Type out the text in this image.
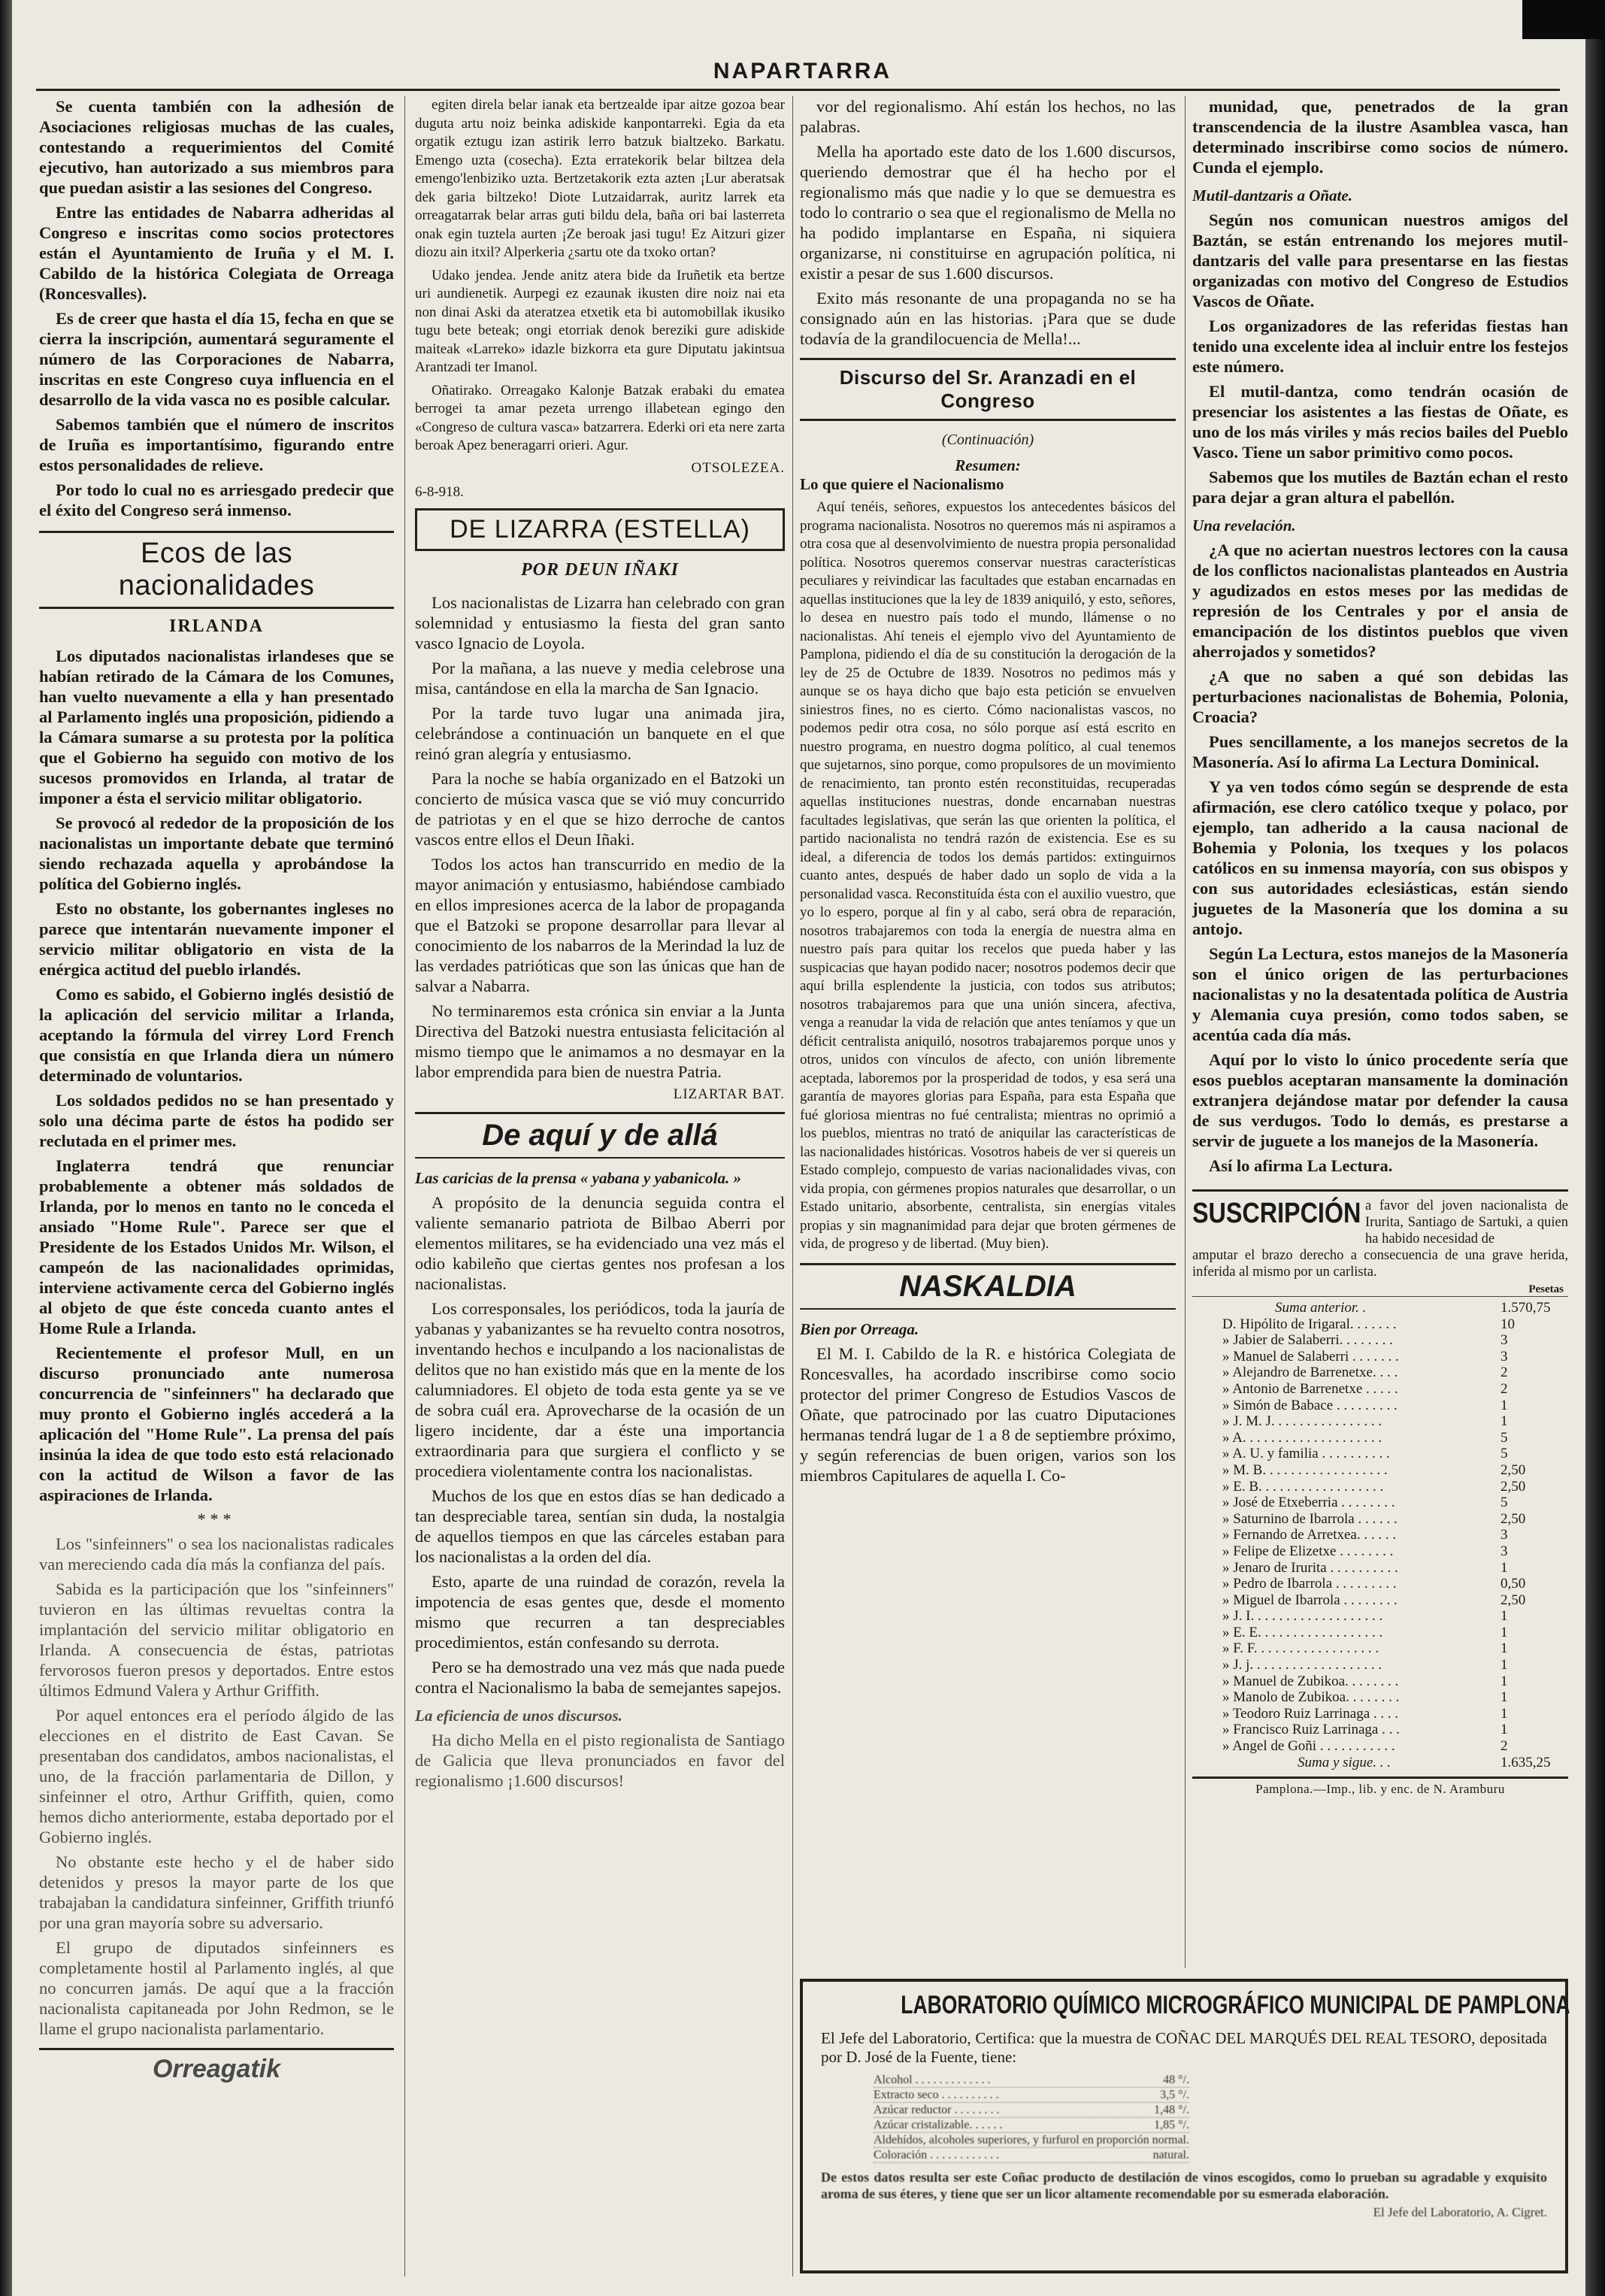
NAPARTARRA

Se cuenta también con la adhesión de Asociaciones religiosas muchas de las cuales, contestando a requerimientos del Comité ejecutivo, han autorizado a sus miembros para que puedan asistir a las sesiones del Congreso.

Entre las entidades de Nabarra adheridas al Congreso e inscritas como socios protectores están el Ayuntamiento de Iruña y el M. I. Cabildo de la histórica Colegiata de Orreaga (Roncesvalles).

Es de creer que hasta el día 15, fecha en que se cierra la inscripción, aumentará seguramente el número de las Corporaciones de Nabarra, inscritas en este Congreso cuya influencia en el desarrollo de la vida vasca no es posible calcular.

Sabemos también que el número de inscritos de Iruña es importantísimo, figurando entre estos personalidades de relieve.

Por todo lo cual no es arriesgado predecir que el éxito del Congreso será inmenso.

Ecos de las nacionalidades
IRLANDA

Los diputados nacionalistas irlandeses que se habían retirado de la Cámara de los Comunes, han vuelto nuevamente a ella y han presentado al Parlamento inglés una proposición, pidiendo a la Cámara sumarse a su protesta por la política que el Gobierno ha seguido con motivo de los sucesos promovidos en Irlanda, al tratar de imponer a ésta el servicio militar obligatorio.

Se provocó al rededor de la proposición de los nacionalistas un importante debate que terminó siendo rechazada aquella y aprobándose la política del Gobierno inglés.

Esto no obstante, los gobernantes ingleses no parece que intentarán nuevamente imponer el servicio militar obligatorio en vista de la enérgica actitud del pueblo irlandés.

Como es sabido, el Gobierno inglés desistió de la aplicación del servicio militar a Irlanda, aceptando la fórmula del virrey Lord French que consistía en que Irlanda diera un número determinado de voluntarios.

Los soldados pedidos no se han presentado y solo una décima parte de éstos ha podido ser reclutada en el primer mes.

Inglaterra tendrá que renunciar probablemente a obtener más soldados de Irlanda, por lo menos en tanto no le conceda el ansiado "Home Rule". Parece ser que el Presidente de los Estados Unidos Mr. Wilson, el campeón de las nacionalidades oprimidas, interviene activamente cerca del Gobierno inglés al objeto de que éste conceda cuanto antes el Home Rule a Irlanda.

Recientemente el profesor Mull, en un discurso pronunciado ante numerosa concurrencia de "sinfeinners" ha declarado que muy pronto el Gobierno inglés accederá a la aplicación del "Home Rule". La prensa del país insinúa la idea de que todo esto está relacionado con la actitud de Wilson a favor de las aspiraciones de Irlanda.

***

Los "sinfeinners" o sea los nacionalistas radicales van mereciendo cada día más la confianza del país.

Sabida es la participación que los "sinfeinners" tuvieron en las últimas revueltas contra la implantación del servicio militar obligatorio en Irlanda. A consecuencia de éstas, patriotas fervorosos fueron presos y deportados. Entre estos últimos Edmund Valera y Arthur Griffith.

Por aquel entonces era el período álgido de las elecciones en el distrito de East Cavan. Se presentaban dos candidatos, ambos nacionalistas, el uno, de la fracción parlamentaria de Dillon, y sinfeinner el otro, Arthur Griffith, quien, como hemos dicho anteriormente, estaba deportado por el Gobierno inglés.

No obstante este hecho y el de haber sido detenidos y presos la mayor parte de los que trabajaban la candidatura sinfeinner, Griffith triunfó por una gran mayoría sobre su adversario.

El grupo de diputados sinfeinners es completamente hostil al Parlamento inglés, al que no concurren jamás. De aquí que a la fracción nacionalista capitaneada por John Redmon, se le llame el grupo nacionalista parlamentario.

Orreagatik

egiten direla belar ianak eta bertzealde ipar aitze gozoa bear duguta artu noiz beinka adiskide kanpontarreki. Egia da eta orgatik eztugu izan astirik lerro batzuk bialtzeko. Barkatu. Emengo uzta (cosecha). Ezta erratekorik belar biltzea dela emengo'lenbiziko uzta. Bertzetakorik ezta azten ¡Lur aberatsak dek garia biltzeko! Diote Lutzaidarrak, auritz larrek eta orreagatarrak belar arras guti bildu dela, baña ori bai lasterreta onak egin tuztela aurten ¡Ze beroak jasi tugu! Ez Aitzuri gizer diozu ain itxil? Alperkeria ¿sartu ote da txoko ortan?

Udako jendea. Jende anitz atera bide da Iruñetik eta bertze uri aundienetik. Aurpegi ez ezaunak ikusten dire noiz nai eta non dinai Aski da ateratzea etxetik eta bi automobillak ikusiko tugu bete beteak; ongi etorriak denok bereziki gure adiskide maiteak «Larreko» idazle bizkorra eta gure Diputatu jakintsua Arantzadi ter Imanol.

Oñatirako. Orreagako Kalonje Batzak erabaki du ematea berrogei ta amar pezeta urrengo illabetean egingo den «Congreso de cultura vasca» batzarrera. Ederki ori eta nere zarta beroak Apez beneragarri orieri. Agur.

OTSOLEZEA.
6-8-918.
DE LIZARRA (ESTELLA)
POR DEUN IÑAKI

Los nacionalistas de Lizarra han celebrado con gran solemnidad y entusiasmo la fiesta del gran santo vasco Ignacio de Loyola.

Por la mañana, a las nueve y media celebrose una misa, cantándose en ella la marcha de San Ignacio.

Por la tarde tuvo lugar una animada jira, celebrándose a continuación un banquete en el que reinó gran alegría y entusiasmo.

Para la noche se había organizado en el Batzoki un concierto de música vasca que se vió muy concurrido de patriotas y en el que se hizo derroche de cantos vascos entre ellos el Deun Iñaki.

Todos los actos han transcurrido en medio de la mayor animación y entusiasmo, habiéndose cambiado en ellos impresiones acerca de la labor de propaganda que el Batzoki se propone desarrollar para llevar al conocimiento de los nabarros de la Merindad la luz de las verdades patrióticas que son las únicas que han de salvar a Nabarra.

No terminaremos esta crónica sin enviar a la Junta Directiva del Batzoki nuestra entusiasta felicitación al mismo tiempo que le animamos a no desmayar en la labor emprendida para bien de nuestra Patria.

LIZARTAR BAT.
De aquí y de allá
Las caricias de la prensa « yabana y yabanicola. »

A propósito de la denuncia seguida contra el valiente semanario patriota de Bilbao Aberri por elementos militares, se ha evidenciado una vez más el odio kabileño que ciertas gentes nos profesan a los nacionalistas.

Los corresponsales, los periódicos, toda la jauría de yabanas y yabanizantes se ha revuelto contra nosotros, inventando hechos e inculpando a los nacionalistas de delitos que no han existido más que en la mente de los calumniadores. El objeto de toda esta gente ya se ve de sobra cuál era. Aprovecharse de la ocasión de un ligero incidente, dar a éste una importancia extraordinaria para que surgiera el conflicto y se procediera violentamente contra los nacionalistas.

Muchos de los que en estos días se han dedicado a tan despreciable tarea, sentían sin duda, la nostalgia de aquellos tiempos en que las cárceles estaban para los nacionalistas a la orden del día.

Esto, aparte de una ruindad de corazón, revela la impotencia de esas gentes que, desde el momento mismo que recurren a tan despreciables procedimientos, están confesando su derrota.

Pero se ha demostrado una vez más que nada puede contra el Nacionalismo la baba de semejantes sapejos.

La eficiencia de unos discursos.

Ha dicho Mella en el pisto regionalista de Santiago de Galicia que lleva pronunciados en favor del regionalismo ¡1.600 discursos!

vor del regionalismo. Ahí están los hechos, no las palabras.

Mella ha aportado este dato de los 1.600 discursos, queriendo demostrar que él ha hecho por el regionalismo más que nadie y lo que se demuestra es todo lo contrario o sea que el regionalismo de Mella no ha podido implantarse en España, ni siquiera organizarse, ni constituirse en agrupación política, ni existir a pesar de sus 1.600 discursos.

Exito más resonante de una propaganda no se ha consignado aún en las historias. ¡Para que se dude todavía de la grandilocuencia de Mella!...

Discurso del Sr. Aranzadi en el Congreso
(Continuación)
Resumen:
Lo que quiere el Nacionalismo

Aquí tenéis, señores, expuestos los antecedentes básicos del programa nacionalista. Nosotros no queremos más ni aspiramos a otra cosa que al desenvolvimiento de nuestra propia personalidad política. Nosotros queremos conservar nuestras características peculiares y reivindicar las facultades que estaban encarnadas en aquellas instituciones que la ley de 1839 aniquiló, y esto, señores, lo desea en nuestro país todo el mundo, llámense o no nacionalistas. Ahí teneis el ejemplo vivo del Ayuntamiento de Pamplona, pidiendo el día de su constitución la derogación de la ley de 25 de Octubre de 1839. Nosotros no pedimos más y aunque se os haya dicho que bajo esta petición se envuelven siniestros fines, no es cierto. Cómo nacionalistas vascos, no podemos pedir otra cosa, no sólo porque así está escrito en nuestro programa, en nuestro dogma político, al cual tenemos que sujetarnos, sino porque, como propulsores de un movimiento de renacimiento, tan pronto estén reconstituidas, recuperadas aquellas instituciones nuestras, donde encarnaban nuestras facultades legislativas, que serán las que orienten la política, el partido nacionalista no tendrá razón de existencia. Ese es su ideal, a diferencia de todos los demás partidos: extinguirnos cuanto antes, después de haber dado un soplo de vida a la personalidad vasca. Reconstituída ésta con el auxilio vuestro, que yo lo espero, porque al fin y al cabo, será obra de reparación, nosotros trabajaremos con toda la energía de nuestra alma en nuestro país para quitar los recelos que pueda haber y las suspicacias que hayan podido nacer; nosotros podemos decir que aquí brilla esplendente la justicia, con todos sus atributos; nosotros trabajaremos para que una unión sincera, afectiva, venga a reanudar la vida de relación que antes teníamos y que un déficit centralista aniquiló, nosotros trabajaremos porque unos y otros, unidos con vínculos de afecto, con unión libremente aceptada, laboremos por la prosperidad de todos, y esa será una garantía de mayores glorias para España, para esta España que fué gloriosa mientras no fué centralista; mientras no oprimió a los pueblos, mientras no trató de aniquilar las características de las nacionalidades históricas. Vosotros habeis de ver si quereis un Estado complejo, compuesto de varias nacionalidades vivas, con vida propia, con gérmenes propios naturales que desarrollar, o un Estado unitario, absorbente, centralista, sin energías vitales propias y sin magnanimidad para dejar que broten gérmenes de vida, de progreso y de libertad. (Muy bien).

NASKALDIA
Bien por Orreaga.

El M. I. Cabildo de la R. e histórica Colegiata de Roncesvalles, ha acordado inscribirse como socio protector del primer Congreso de Estudios Vascos de Oñate, que patrocinado por las cuatro Diputaciones hermanas tendrá lugar de 1 a 8 de septiembre próximo, y según referencias de buen origen, varios son los miembros Capitulares de aquella I. Co-

munidad, que, penetrados de la gran transcendencia de la ilustre Asamblea vasca, han determinado inscribirse como socios de número. Cunda el ejemplo.

Mutil-dantzaris a Oñate.

Según nos comunican nuestros amigos del Baztán, se están entrenando los mejores mutil-dantzaris del valle para presentarse en las fiestas organizadas con motivo del Congreso de Estudios Vascos de Oñate.

Los organizadores de las referidas fiestas han tenido una excelente idea al incluir entre los festejos este número.

El mutil-dantza, como tendrán ocasión de presenciar los asistentes a las fiestas de Oñate, es uno de los más viriles y más recios bailes del Pueblo Vasco. Tiene un sabor primitivo como pocos.

Sabemos que los mutiles de Baztán echan el resto para dejar a gran altura el pabellón.

Una revelación.

¿A que no aciertan nuestros lectores con la causa de los conflictos nacionalistas planteados en Austria y agudizados en estos meses por las medidas de represión de los Centrales y por el ansia de emancipación de los distintos pueblos que viven aherrojados y sometidos?

¿A que no saben a qué son debidas las perturbaciones nacionalistas de Bohemia, Polonia, Croacia?

Pues sencillamente, a los manejos secretos de la Masonería. Así lo afirma La Lectura Dominical.

Y ya ven todos cómo según se desprende de esta afirmación, ese clero católico txeque y polaco, por ejemplo, tan adherido a la causa nacional de Bohemia y Polonia, los txeques y los polacos católicos en su inmensa mayoría, con sus obispos y con sus autoridades eclesiásticas, están siendo juguetes de la Masonería que los domina a su antojo.

Según La Lectura, estos manejos de la Masonería son el único origen de las perturbaciones nacionalistas y no la desatentada política de Austria y Alemania cuya presión, como todos saben, se acentúa cada día más.

Aquí por lo visto lo único procedente sería que esos pueblos aceptaran mansamente la dominación extranjera dejándose matar por defender la causa de sus verdugos. Todo lo demás, es prestarse a servir de juguete a los manejos de la Masonería.

Así lo afirma La Lectura.

SUSCRIPCIÓN a favor del joven nacionalista de Irurita, Santiago de Sartuki, a quien ha habido necesidad de
amputar el brazo derecho a consecuencia de una grave herida, inferida al mismo por un carlista.
Pesetas
Suma anterior. .	1.570,75
D. Hipólito de Irigaral. . . . . . .	10
» Jabier de Salaberri. . . . . . . .	3
» Manuel de Salaberri . . . . . . .	3
» Alejandro de Barrenetxe. . . .	2
» Antonio de Barrenetxe . . . . .	2
» Simón de Babace . . . . . . . . .	1
» J. M. J. . . . . . . . . . . . . . . .	1
» A. . . . . . . . . . . . . . . . . . . .	5
» A. U. y familia . . . . . . . . . .	5
» M. B. . . . . . . . . . . . . . . . . .	2,50
» E. B. . . . . . . . . . . . . . . . . .	2,50
» José de Etxeberria . . . . . . . .	5
» Saturnino de Ibarrola . . . . . .	2,50
» Fernando de Arretxea. . . . . .	3
» Felipe de Elizetxe . . . . . . . .	3
» Jenaro de Irurita . . . . . . . . . .	1
» Pedro de Ibarrola . . . . . . . . .	0,50
» Miguel de Ibarrola . . . . . . . .	2,50
» J. I. . . . . . . . . . . . . . . . . . .	1
» E. E. . . . . . . . . . . . . . . . . .	1
» F. F. . . . . . . . . . . . . . . . . .	1
» J. j. . . . . . . . . . . . . . . . . . .	1
» Manuel de Zubikoa. . . . . . . .	1
» Manolo de Zubikoa. . . . . . . .	1
» Teodoro Ruiz Larrinaga . . . .	1
» Francisco Ruiz Larrinaga . . .	1
» Angel de Goñi . . . . . . . . . . .	2
Suma y sigue. . .	1.635,25
Pamplona.—Imp., lib. y enc. de N. Aramburu
LABORATORIO QUÍMICO MICROGRÁFICO MUNICIPAL DE PAMPLONA
El Jefe del Laboratorio, Certifica: que la muestra de COÑAC DEL MARQUÉS DEL REAL TESORO, depositada por D. José de la Fuente, tiene:
Alcohol . . . . . . . . . . . . .	48 °/.
Extracto seco . . . . . . . . . .	3,5 °/.
Azúcar reductor . . . . . . . .	1,48 °/.
Azúcar cristalizable. . . . . .	1,85 °/.
Aldehídos, alcoholes superiores, y furfurol en proporción normal.
Coloración . . . . . . . . . . . .	natural.
De estos datos resulta ser este Coñac producto de destilación de vinos escogidos, como lo prueban su agradable y exquisito aroma de sus éteres, y tiene que ser un licor altamente recomendable por su esmerada elaboración.
El Jefe del Laboratorio, A. Cigret.
